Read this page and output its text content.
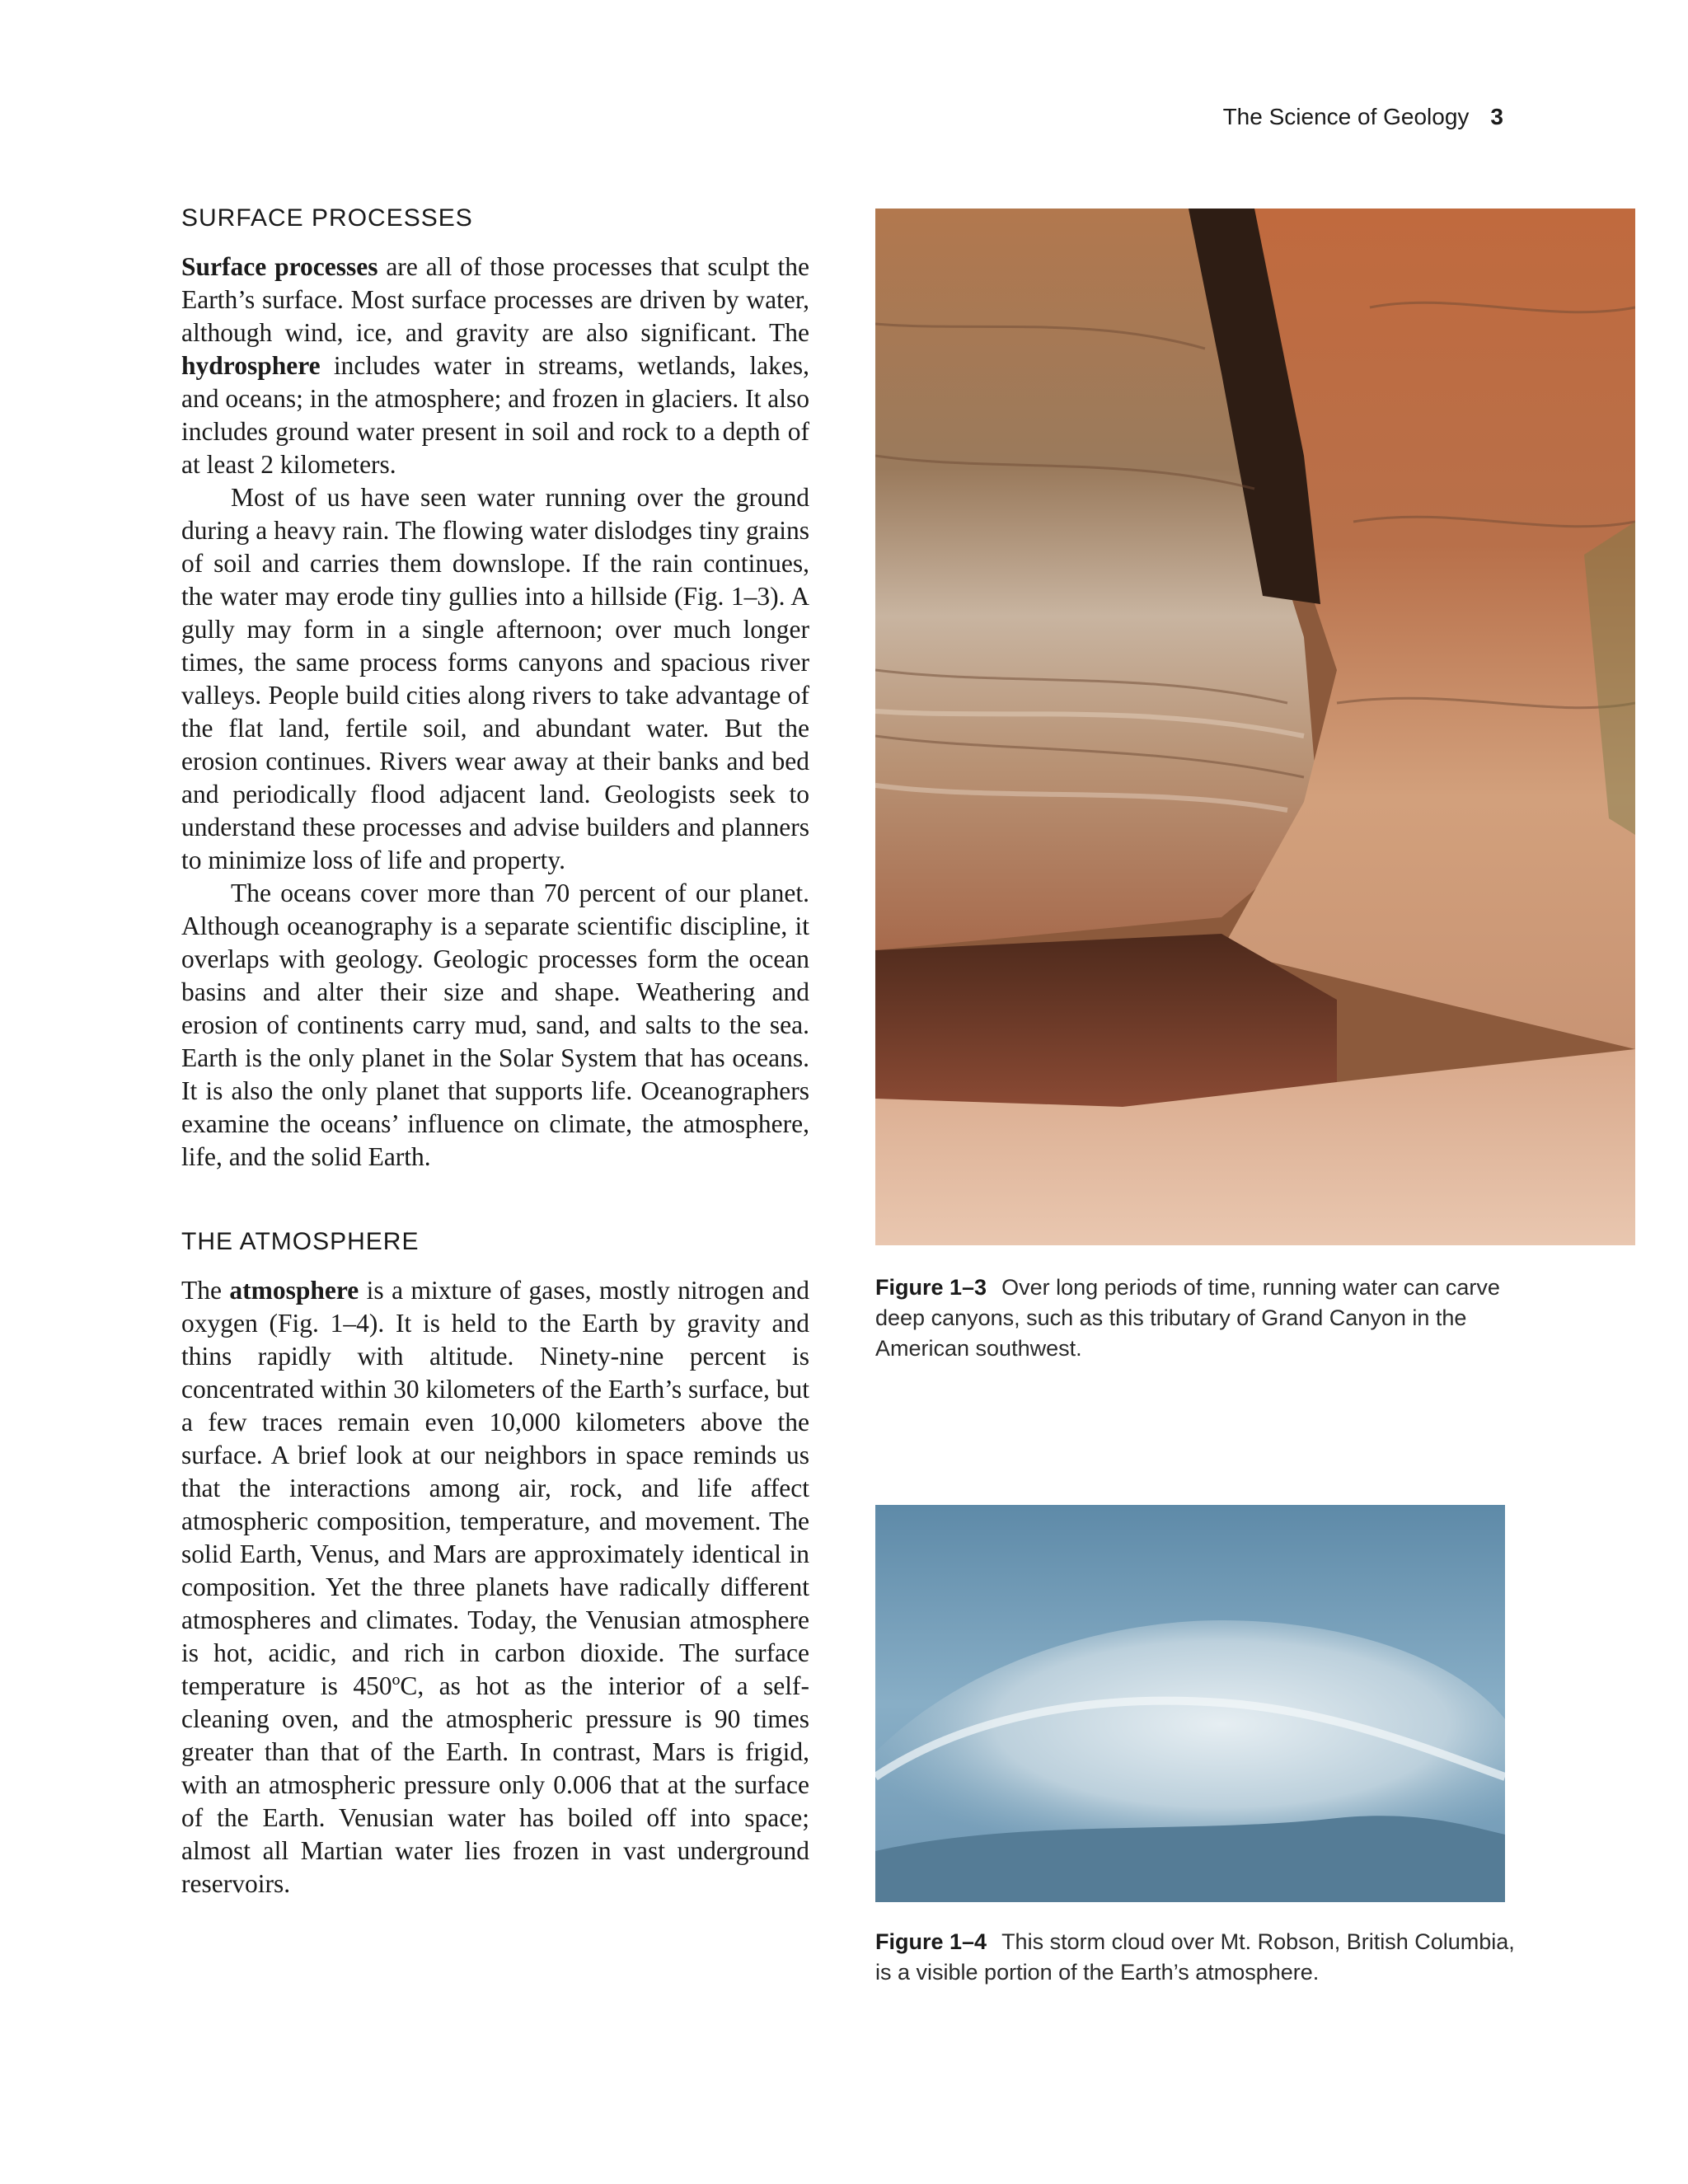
The Science of Geology 3
SURFACE PROCESSES

Surface processes are all of those processes that sculpt the Earth’s surface. Most surface processes are driven by water, although wind, ice, and gravity are also significant. The hydrosphere includes water in streams, wetlands, lakes, and oceans; in the atmosphere; and frozen in glaciers. It also includes ground water present in soil and rock to a depth of at least 2 kilometers.

Most of us have seen water running over the ground during a heavy rain. The flowing water dislodges tiny grains of soil and carries them downslope. If the rain continues, the water may erode tiny gullies into a hillside (Fig. 1–3). A gully may form in a single afternoon; over much longer times, the same process forms canyons and spacious river valleys. People build cities along rivers to take advantage of the flat land, fertile soil, and abundant water. But the erosion continues. Rivers wear away at their banks and bed and periodically flood adjacent land. Geologists seek to understand these processes and advise builders and planners to minimize loss of life and property.

The oceans cover more than 70 percent of our planet. Although oceanography is a separate scientific discipline, it overlaps with geology. Geologic processes form the ocean basins and alter their size and shape. Weathering and erosion of continents carry mud, sand, and salts to the sea. Earth is the only planet in the Solar System that has oceans. It is also the only planet that supports life. Oceanographers examine the oceans’ influence on climate, the atmosphere, life, and the solid Earth.

THE ATMOSPHERE

The atmosphere is a mixture of gases, mostly nitrogen and oxygen (Fig. 1–4). It is held to the Earth by gravity and thins rapidly with altitude. Ninety-nine percent is concentrated within 30 kilometers of the Earth’s surface, but a few traces remain even 10,000 kilometers above the surface. A brief look at our neighbors in space reminds us that the interactions among air, rock, and life affect atmospheric composition, temperature, and movement. The solid Earth, Venus, and Mars are approximately identical in composition. Yet the three planets have radically different atmospheres and climates. Today, the Venusian atmosphere is hot, acidic, and rich in carbon dioxide. The surface temperature is 450ºC, as hot as the interior of a self-cleaning oven, and the atmospheric pressure is 90 times greater than that of the Earth. In contrast, Mars is frigid, with an atmospheric pressure only 0.006 that at the surface of the Earth. Venusian water has boiled off into space; almost all Martian water lies frozen in vast underground reservoirs.

Figure 1–3 Over long periods of time, running water can carve deep canyons, such as this tributary of Grand Canyon in the American southwest.
Figure 1–4 This storm cloud over Mt. Robson, British Columbia, is a visible portion of the Earth’s atmosphere.
